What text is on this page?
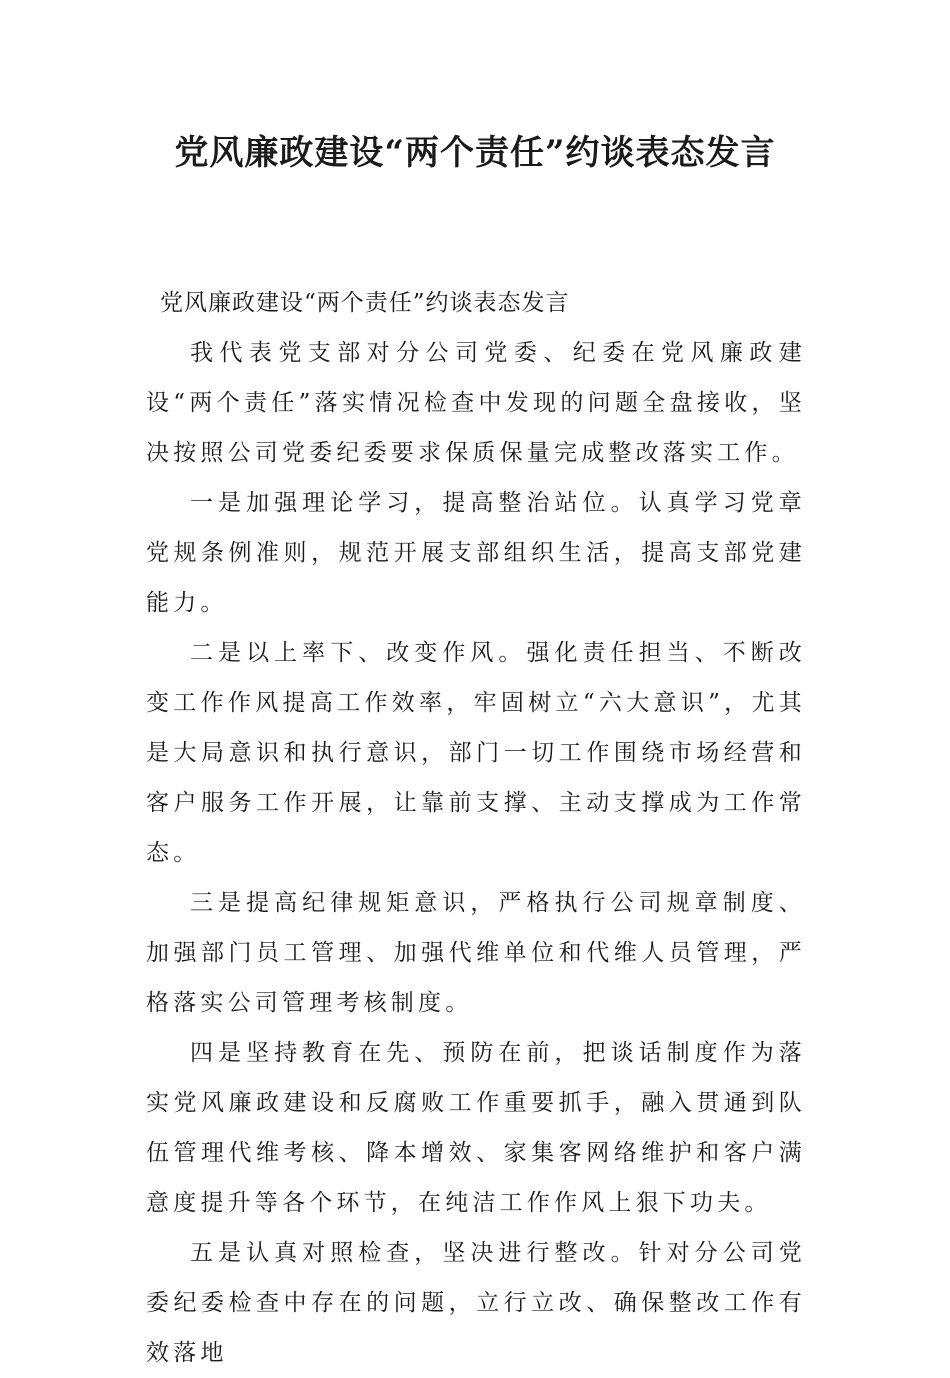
党风廉政建设“两个责任”约谈表态发言

党风廉政建设“两个责任”约谈表态发言

我代表党支部对分公司党委、纪委在党风廉政建设“两个责任”落实情况检查中发现的问题全盘接收，坚决按照公司党委纪委要求保质保量完成整改落实工作。

一是加强理论学习，提高整治站位。认真学习党章党规条例准则，规范开展支部组织生活，提高支部党建能力。

二是以上率下、改变作风。强化责任担当、不断改变工作作风提高工作效率，牢固树立“六大意识”，尤其是大局意识和执行意识，部门一切工作围绕市场经营和客户服务工作开展，让靠前支撑、主动支撑成为工作常态。

三是提高纪律规矩意识，严格执行公司规章制度、加强部门员工管理、加强代维单位和代维人员管理，严格落实公司管理考核制度。

四是坚持教育在先、预防在前，把谈话制度作为落实党风廉政建设和反腐败工作重要抓手，融入贯通到队伍管理代维考核、降本增效、家集客网络维护和客户满意度提升等各个环节，在纯洁工作作风上狠下功夫。

五是认真对照检查，坚决进行整改。针对分公司党委纪委检查中存在的问题，立行立改、确保整改工作有效落地
